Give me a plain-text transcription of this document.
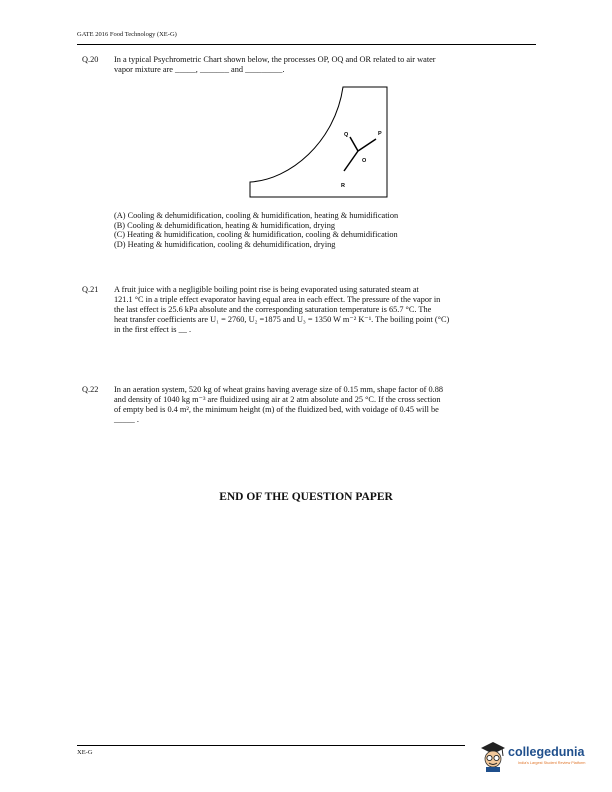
GATE 2016 Food Technology (XE-G)
Q.20 In a typical Psychrometric Chart shown below, the processes OP, OQ and OR related to air water
vapor mixture are _____, _______ and _________.
P
Q
O
R
(A) Cooling & dehumidification, cooling & humidification, heating & humidification
(B) Cooling & dehumidification, heating & humidification, drying
(C) Heating & humidification, cooling & humidification, cooling & dehumidification
(D) Heating & humidification, cooling & dehumidification, drying
Q.21 A fruit juice with a negligible boiling point rise is being evaporated using saturated steam at
121.1 °C in a triple effect evaporator having equal area in each effect. The pressure of the vapor in
the last effect is 25.6 kPa absolute and the corresponding saturation temperature is 65.7 °C. The
heat transfer coefficients are U₁ = 2760, U₂ =1875 and U₃ = 1350 W m⁻² K⁻¹. The boiling point (°C)
in the first effect is __ .
Q.22 In an aeration system, 520 kg of wheat grains having average size of 0.15 mm, shape factor of 0.88
and density of 1040 kg m⁻³ are fluidized using air at 2 atm absolute and 25 °C. If the cross section
of empty bed is 0.4 m², the minimum height (m) of the fluidized bed, with voidage of 0.45 will be
_____ .
END OF THE QUESTION PAPER
XE-G	collegedunia
India's Largest Student Review Platform
